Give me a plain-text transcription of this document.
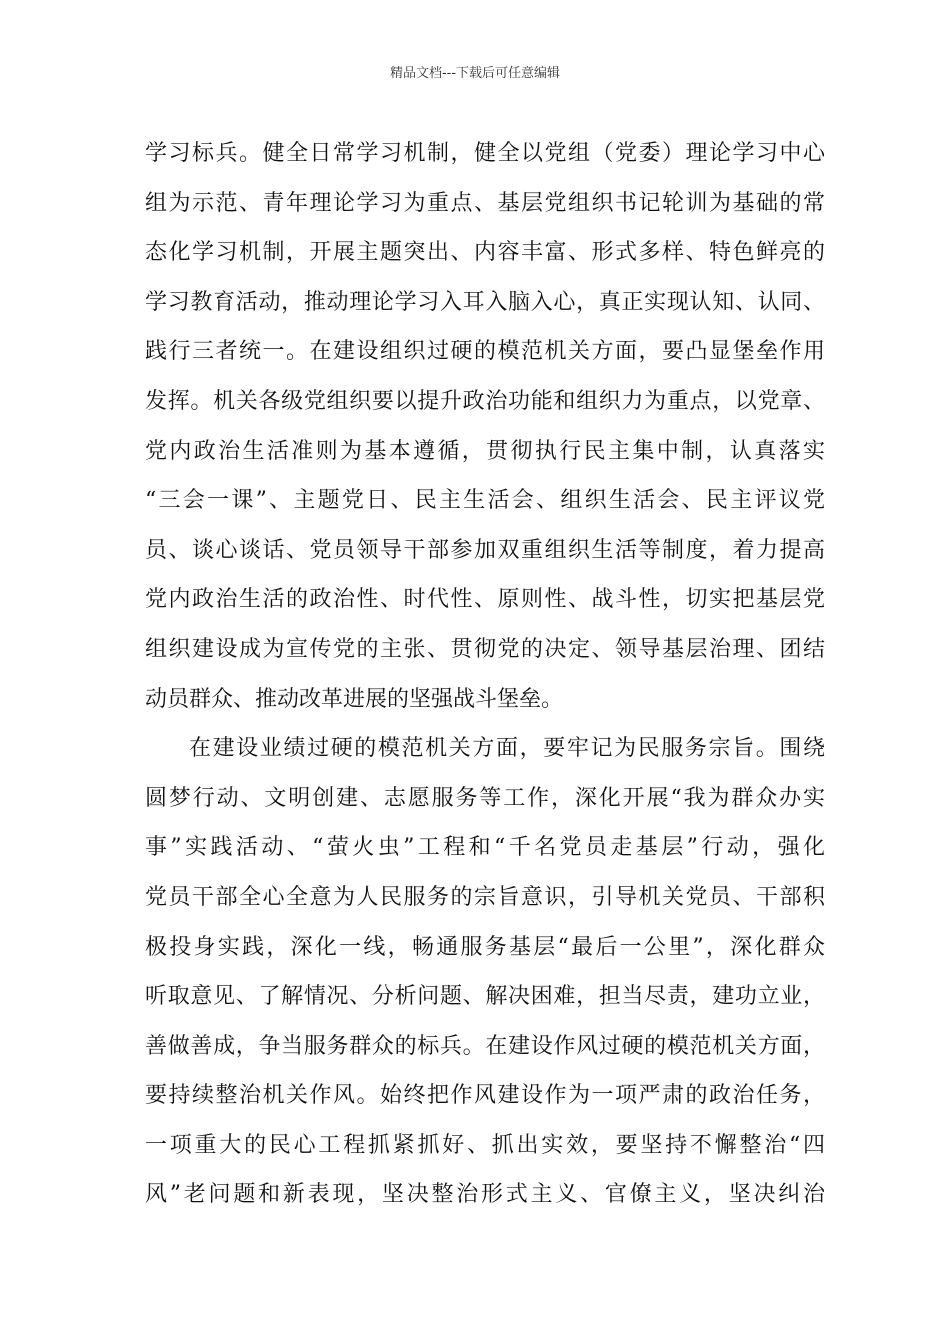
精品文档---下载后可任意编辑
学习标兵。健全日常学习机制，健全以党组（党委）理论学习中心
组为示范、青年理论学习为重点、基层党组织书记轮训为基础的常
态化学习机制，开展主题突出、内容丰富、形式多样、特色鲜亮的
学习教育活动，推动理论学习入耳入脑入心，真正实现认知、认同、
践行三者统一。在建设组织过硬的模范机关方面，要凸显堡垒作用
发挥。机关各级党组织要以提升政治功能和组织力为重点，以党章、
党内政治生活准则为基本遵循，贯彻执行民主集中制，认真落实
“三会一课”、主题党日、民主生活会、组织生活会、民主评议党
员、谈心谈话、党员领导干部参加双重组织生活等制度，着力提高
党内政治生活的政治性、时代性、原则性、战斗性，切实把基层党
组织建设成为宣传党的主张、贯彻党的决定、领导基层治理、团结
动员群众、推动改革进展的坚强战斗堡垒。
在建设业绩过硬的模范机关方面，要牢记为民服务宗旨。围绕
圆梦行动、文明创建、志愿服务等工作，深化开展“我为群众办实
事”实践活动、“萤火虫”工程和“千名党员走基层”行动，强化
党员干部全心全意为人民服务的宗旨意识，引导机关党员、干部积
极投身实践，深化一线，畅通服务基层“最后一公里”，深化群众
听取意见、了解情况、分析问题、解决困难，担当尽责，建功立业，
善做善成，争当服务群众的标兵。在建设作风过硬的模范机关方面，
要持续整治机关作风。始终把作风建设作为一项严肃的政治任务，
一项重大的民心工程抓紧抓好、抓出实效，要坚持不懈整治“四
风”老问题和新表现，坚决整治形式主义、官僚主义，坚决纠治
